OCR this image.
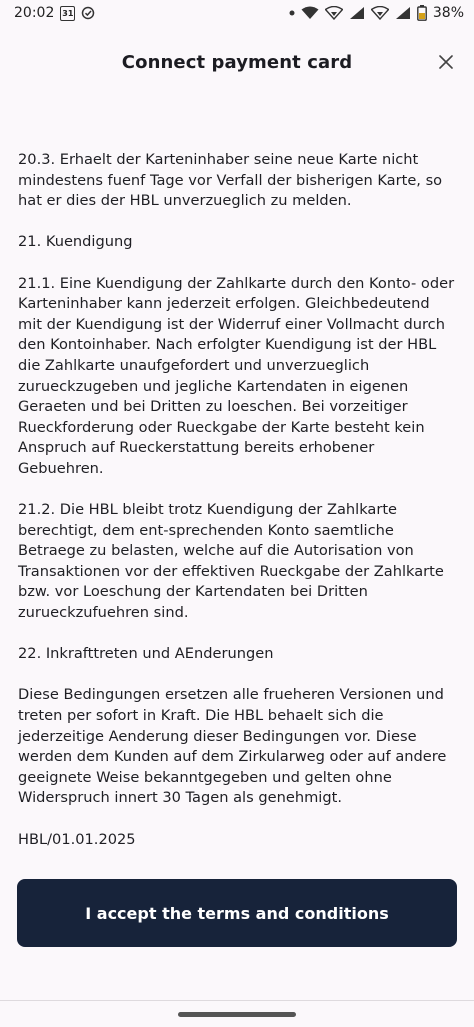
20:02 31	38%
Connect payment card

20.3. Erhaelt der Karteninhaber seine neue Karte nicht mindestens fuenf Tage vor Verfall der bisherigen Karte, so hat er dies der HBL unverzueglich zu melden.

21. Kuendigung

21.1. Eine Kuendigung der Zahlkarte durch den Konto- oder Karteninhaber kann jederzeit erfolgen. Gleichbedeutend mit der Kuendigung ist der Widerruf einer Vollmacht durch den Kontoinhaber. Nach erfolgter Kuendigung ist der HBL die Zahlkarte unaufgefordert und unverzueglich zurueckzugeben und jegliche Kartendaten in eigenen Geraeten und bei Dritten zu loeschen. Bei vorzeitiger Rueckforderung oder Rueckgabe der Karte besteht kein Anspruch auf Rueckerstattung bereits erhobener Gebuehren.

21.2. Die HBL bleibt trotz Kuendigung der Zahlkarte berechtigt, dem ent-sprechenden Konto saemtliche Betraege zu belasten, welche auf die Autorisation von Transaktionen vor der effektiven Rueckgabe der Zahlkarte bzw. vor Loeschung der Kartendaten bei Dritten zurueckzufuehren sind.

22. Inkrafttreten und AEnderungen

Diese Bedingungen ersetzen alle frueheren Versionen und treten per sofort in Kraft. Die HBL behaelt sich die jederzeitige Aenderung dieser Bedingungen vor. Diese werden dem Kunden auf dem Zirkularweg oder auf andere geeignete Weise bekanntgegeben und gelten ohne Widerspruch innert 30 Tagen als genehmigt.

HBL/01.01.2025

I accept the terms and conditions
